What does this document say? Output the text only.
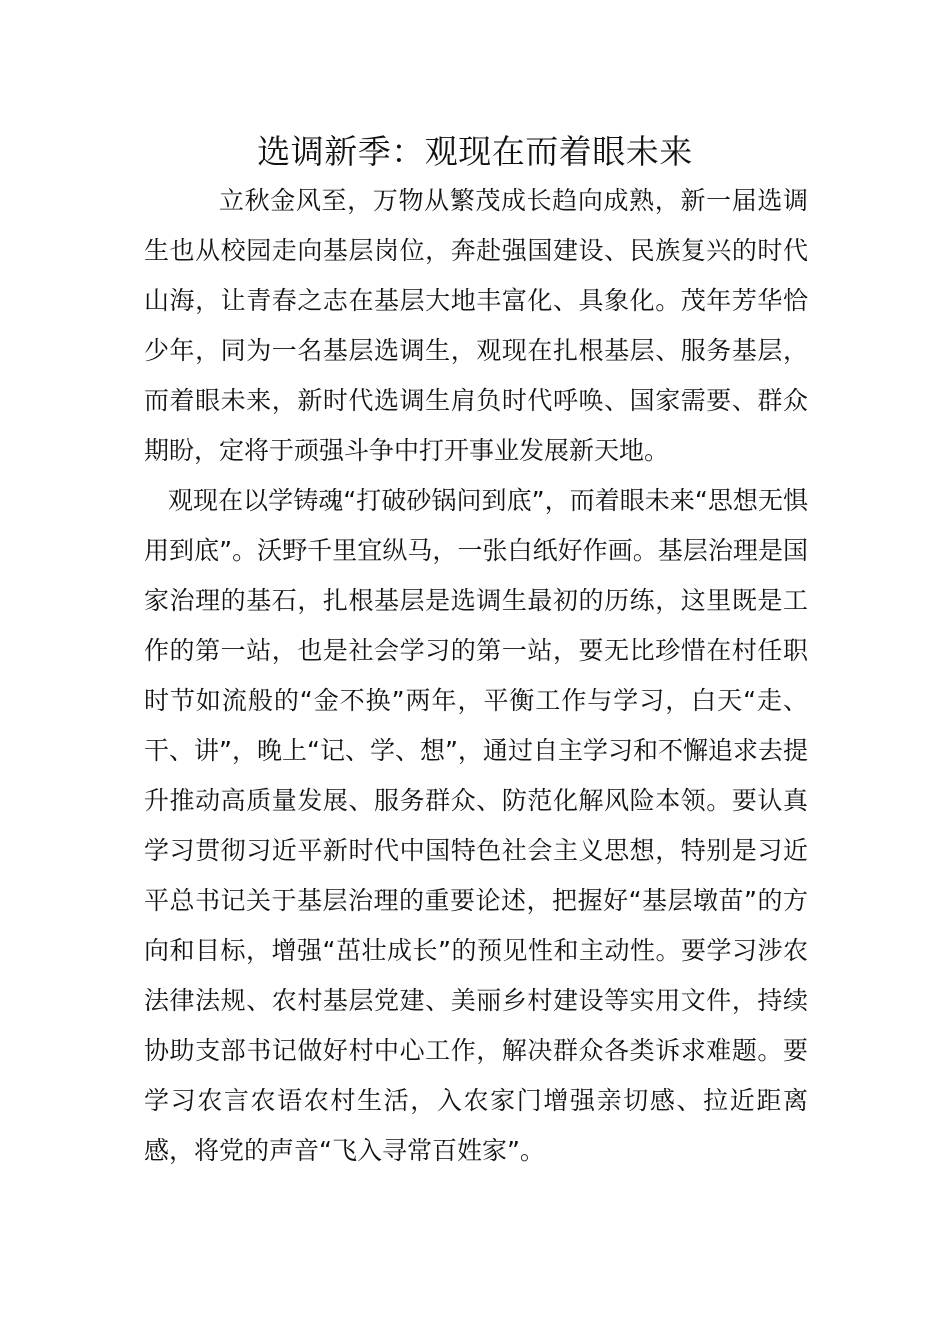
选调新季：观现在而着眼未来

立秋金风至，万物从繁茂成长趋向成熟，新一届选调生也从校园走向基层岗位，奔赴强国建设、民族复兴的时代山海，让青春之志在基层大地丰富化、具象化。茂年芳华恰少年，同为一名基层选调生，观现在扎根基层、服务基层，而着眼未来，新时代选调生肩负时代呼唤、国家需要、群众期盼，定将于顽强斗争中打开事业发展新天地。

观现在以学铸魂“打破砂锅问到底”，而着眼未来“思想无惧用到底”。沃野千里宜纵马，一张白纸好作画。基层治理是国家治理的基石，扎根基层是选调生最初的历练，这里既是工作的第一站，也是社会学习的第一站，要无比珍惜在村任职时节如流般的“金不换”两年，平衡工作与学习，白天“走、干、讲”，晚上“记、学、想”，通过自主学习和不懈追求去提升推动高质量发展、服务群众、防范化解风险本领。要认真学习贯彻习近平新时代中国特色社会主义思想，特别是习近平总书记关于基层治理的重要论述，把握好“基层墩苗”的方向和目标，增强“茁壮成长”的预见性和主动性。要学习涉农法律法规、农村基层党建、美丽乡村建设等实用文件，持续协助支部书记做好村中心工作，解决群众各类诉求难题。要学习农言农语农村生活，入农家门增强亲切感、拉近距离感，将党的声音“飞入寻常百姓家”。
